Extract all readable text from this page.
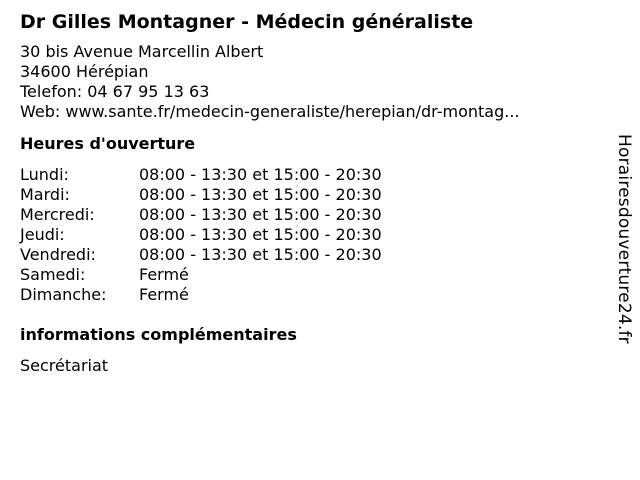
Dr Gilles Montagner - Médecin généraliste
30 bis Avenue Marcellin Albert
34600 Hérépian
Telefon: 04 67 95 13 63
Web: www.sante.fr/medecin-generaliste/herepian/dr-montag...
Heures d'ouverture
Lundi:	08:00 - 13:30 et 15:00 - 20:30
Mardi:	08:00 - 13:30 et 15:00 - 20:30
Mercredi:	08:00 - 13:30 et 15:00 - 20:30
Jeudi:	08:00 - 13:30 et 15:00 - 20:30
Vendredi:	08:00 - 13:30 et 15:00 - 20:30
Samedi:	Fermé
Dimanche:	Fermé
informations complémentaires
Secrétariat
Horairesdouverture24.fr
